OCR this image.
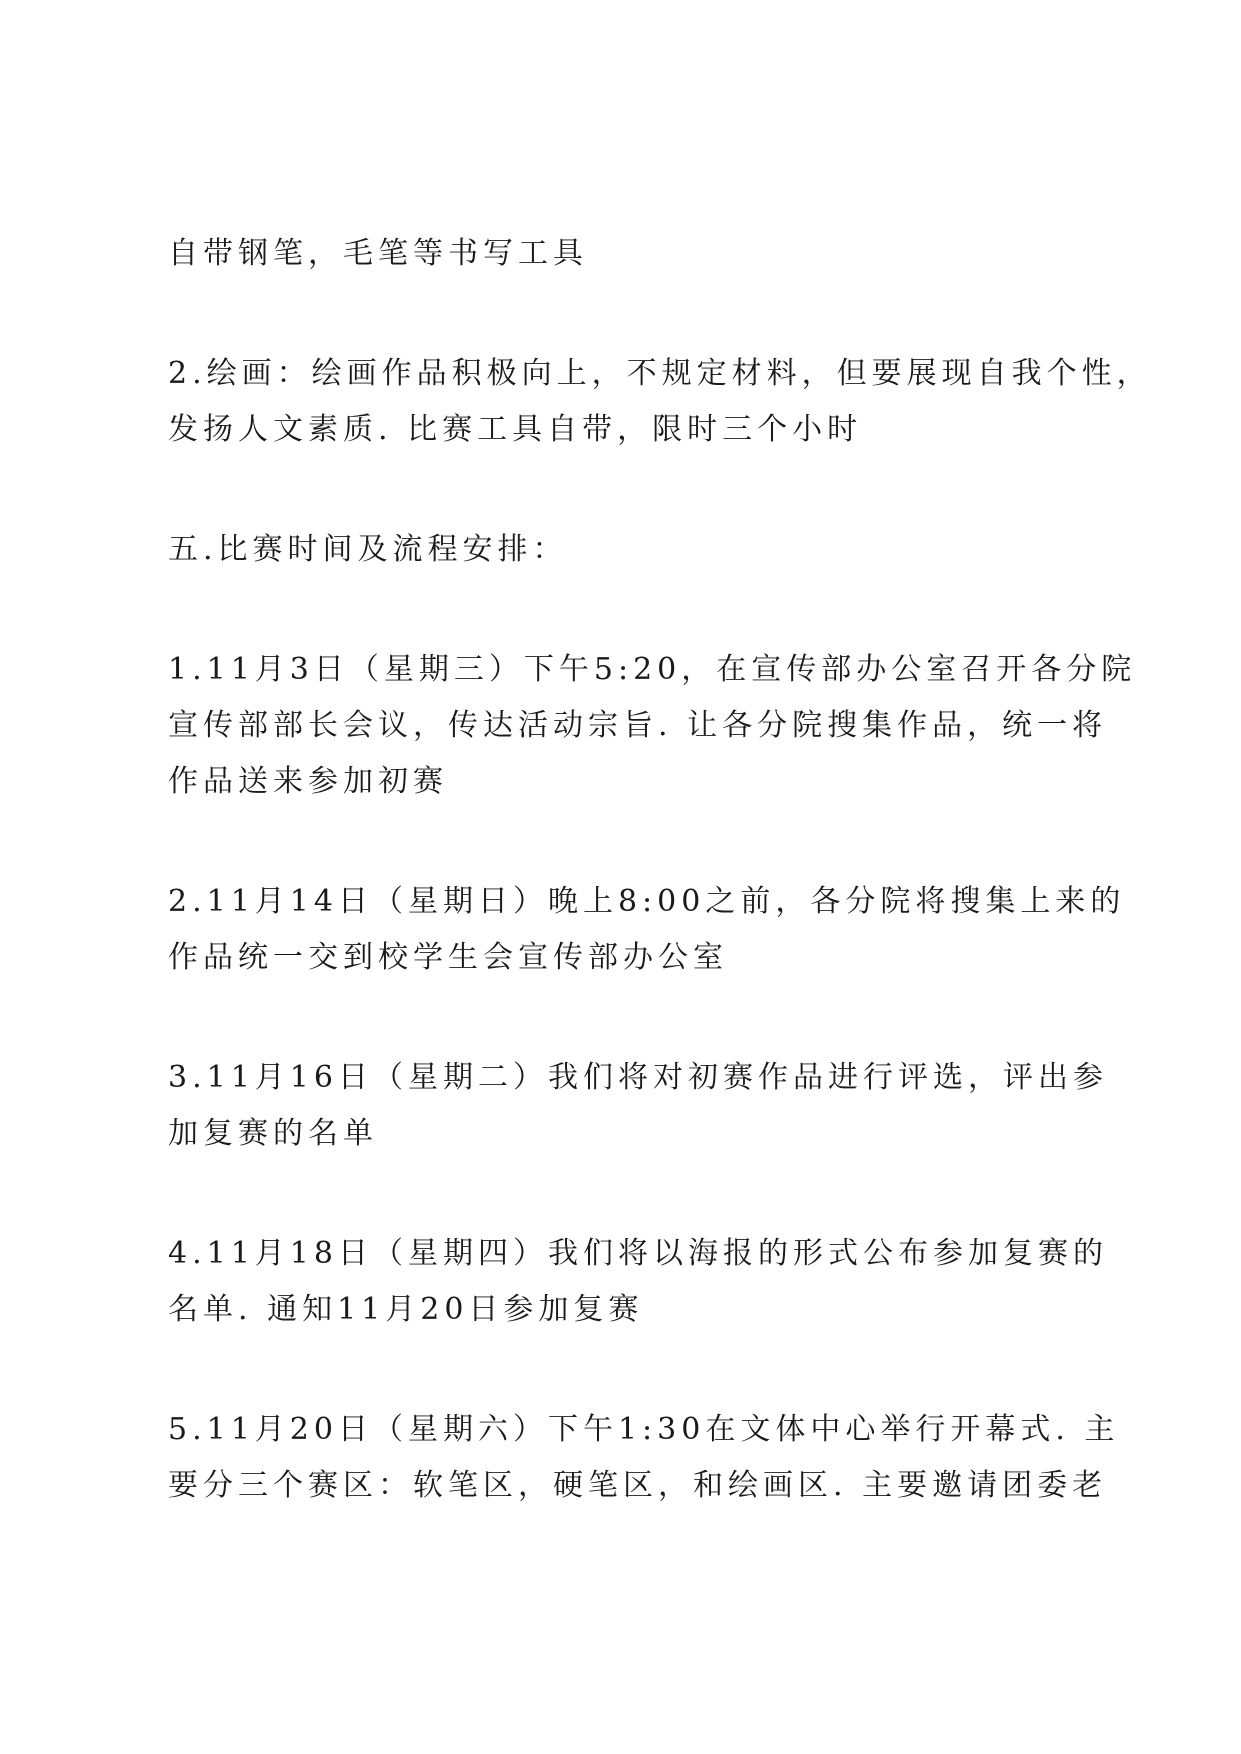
自带钢笔，毛笔等书写工具

2.绘画：绘画作品积极向上，不规定材料，但要展现自我个性，
发扬人文素质. 比赛工具自带，限时三个小时

五.比赛时间及流程安排：

1.11月3日（星期三）下午5:20，在宣传部办公室召开各分院
宣传部部长会议，传达活动宗旨. 让各分院搜集作品，统一将
作品送来参加初赛

2.11月14日（星期日）晚上8:00之前，各分院将搜集上来的
作品统一交到校学生会宣传部办公室

3.11月16日（星期二）我们将对初赛作品进行评选，评出参
加复赛的名单

4.11月18日（星期四）我们将以海报的形式公布参加复赛的
名单. 通知11月20日参加复赛

5.11月20日（星期六）下午1:30在文体中心举行开幕式. 主
要分三个赛区：软笔区，硬笔区，和绘画区. 主要邀请团委老
